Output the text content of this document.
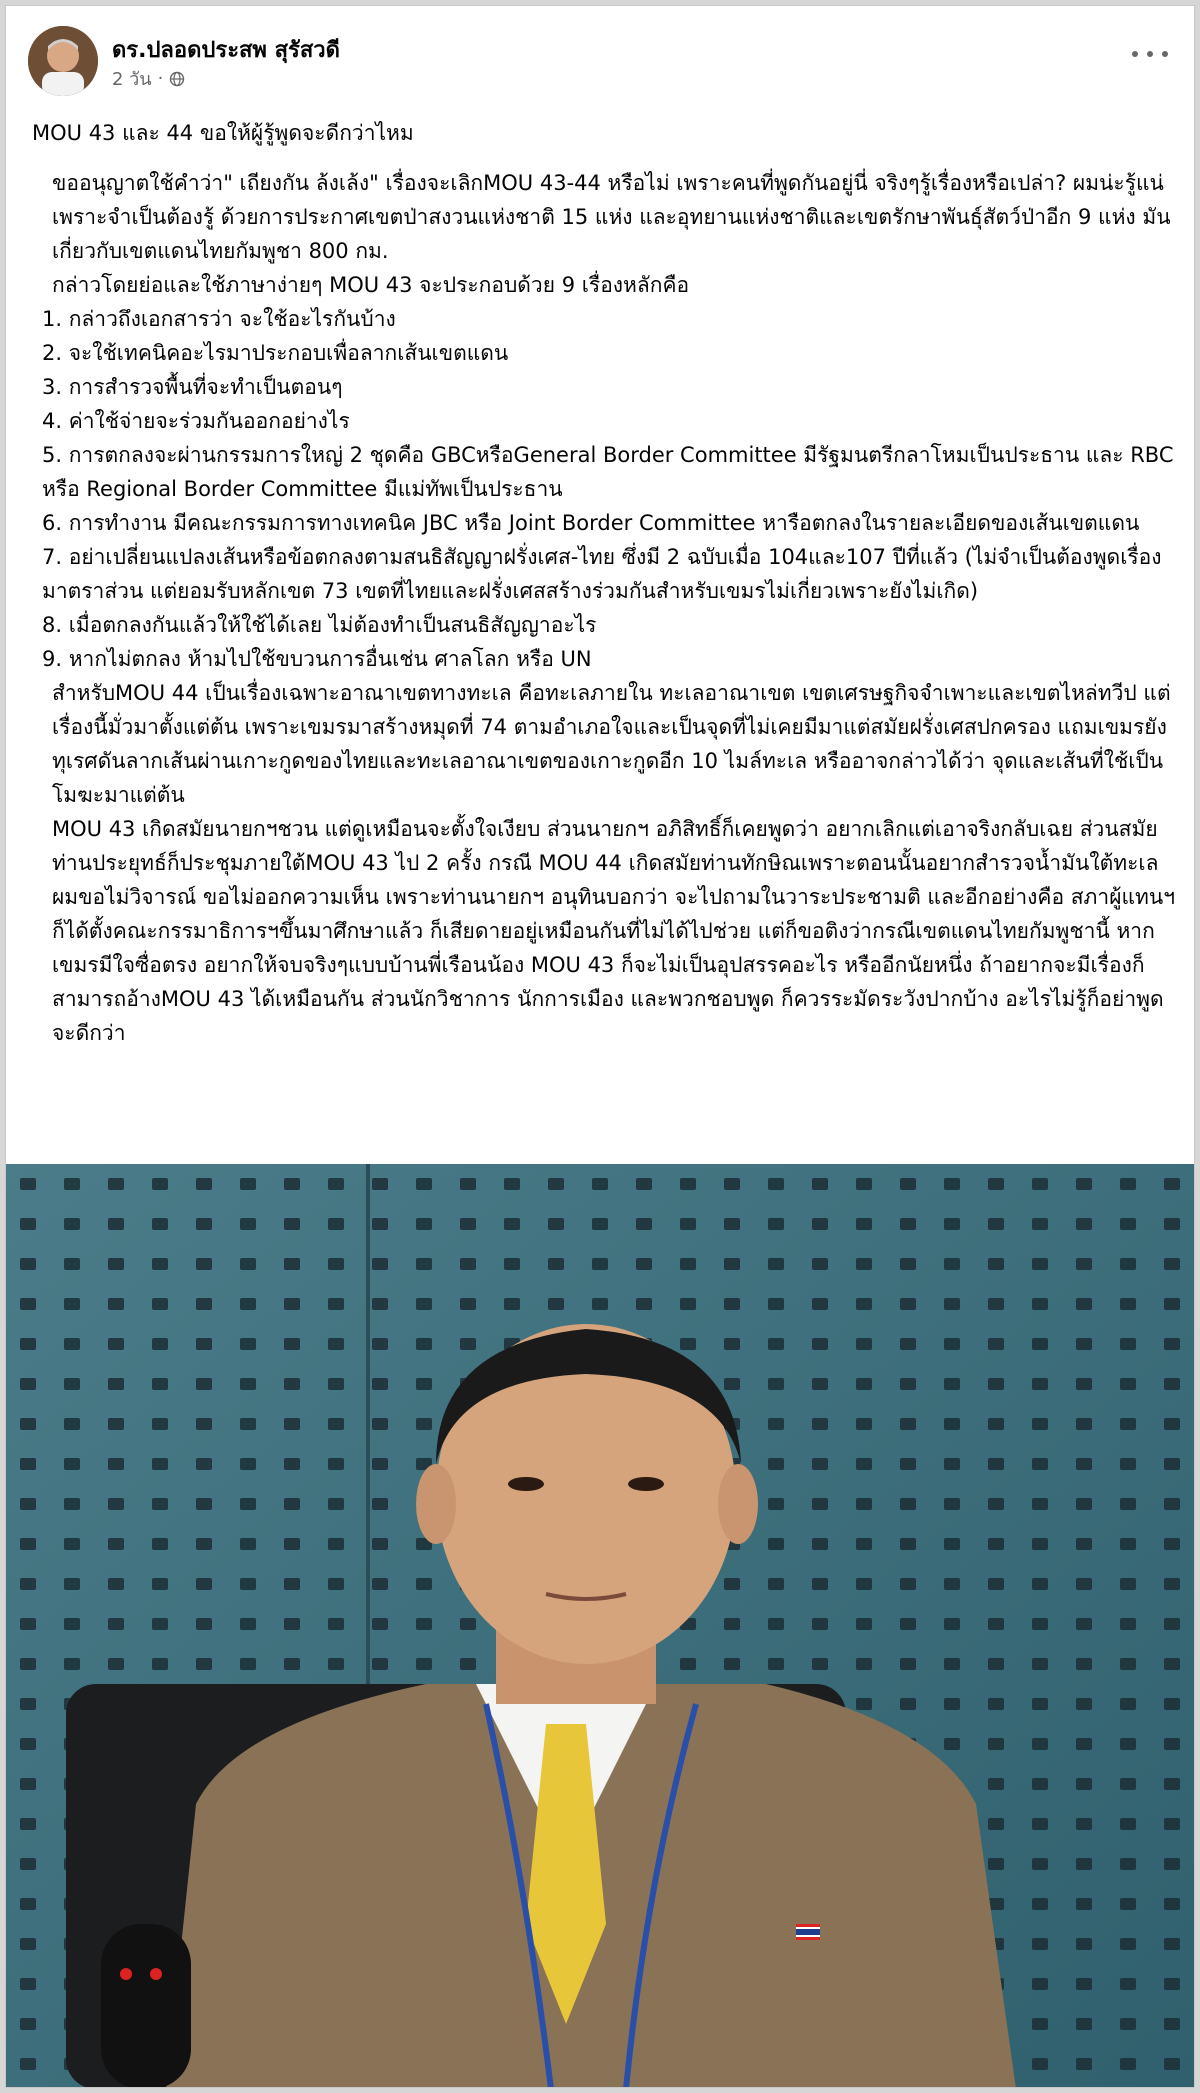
ดร.ปลอดประสพ สุรัสวดี
2 วัน ·

MOU 43 และ 44 ขอให้ผู้รู้พูดจะดีกว่าไหม

ขออนุญาตใช้คำว่า" เถียงกัน ล้งเล้ง" เรื่องจะเลิกMOU 43-44 หรือไม่ เพราะคนที่พูดกันอยู่นี่ จริงๆรู้เรื่องหรือเปล่า? ผมน่ะรู้แน่ เพราะจำเป็นต้องรู้ ด้วยการประกาศเขตป่าสงวนแห่งชาติ 15 แห่ง และอุทยานแห่งชาติและเขตรักษาพันธุ์สัตว์ป่าอีก 9 แห่ง มันเกี่ยวกับเขตแดนไทยกัมพูชา 800 กม.

กล่าวโดยย่อและใช้ภาษาง่ายๆ MOU 43 จะประกอบด้วย 9 เรื่องหลักคือ

1. กล่าวถึงเอกสารว่า จะใช้อะไรกันบ้าง

2. จะใช้เทคนิคอะไรมาประกอบเพื่อลากเส้นเขตแดน

3. การสำรวจพื้นที่จะทำเป็นตอนๆ

4. ค่าใช้จ่ายจะร่วมกันออกอย่างไร

5. การตกลงจะผ่านกรรมการใหญ่ 2 ชุดคือ GBCหรือGeneral Border Committee มีรัฐมนตรีกลาโหมเป็นประธาน และ RBC หรือ Regional Border Committee มีแม่ทัพเป็นประธาน

6. การทำงาน มีคณะกรรมการทางเทคนิค JBC หรือ Joint Border Committee หารือตกลงในรายละเอียดของเส้นเขตแดน

7. อย่าเปลี่ยนแปลงเส้นหรือข้อตกลงตามสนธิสัญญาฝรั่งเศส-ไทย ซึ่งมี 2 ฉบับเมื่อ 104และ107 ปีที่แล้ว (ไม่จำเป็นต้องพูดเรื่องมาตราส่วน แต่ยอมรับหลักเขต 73 เขตที่ไทยและฝรั่งเศสสร้างร่วมกันสำหรับเขมรไม่เกี่ยวเพราะยังไม่เกิด)

8. เมื่อตกลงกันแล้วให้ใช้ได้เลย ไม่ต้องทำเป็นสนธิสัญญาอะไร

9. หากไม่ตกลง ห้ามไปใช้ขบวนการอื่นเช่น ศาลโลก หรือ UN

สำหรับMOU 44 เป็นเรื่องเฉพาะอาณาเขตทางทะเล คือทะเลภายใน ทะเลอาณาเขต เขตเศรษฐกิจจำเพาะและเขตไหล่ทวีป แต่เรื่องนี้มั่วมาตั้งแต่ต้น เพราะเขมรมาสร้างหมุดที่ 74 ตามอำเภอใจและเป็นจุดที่ไม่เคยมีมาแต่สมัยฝรั่งเศสปกครอง แถมเขมรยังทุเรศดันลากเส้นผ่านเกาะกูดของไทยและทะเลอาณาเขตของเกาะกูดอีก 10 ไมล์ทะเล หรืออาจกล่าวได้ว่า จุดและเส้นที่ใช้เป็นโมฆะมาแต่ต้น

MOU 43 เกิดสมัยนายกฯชวน แต่ดูเหมือนจะตั้งใจเงียบ ส่วนนายกฯ อภิสิทธิ์ก็เคยพูดว่า อยากเลิกแต่เอาจริงกลับเฉย ส่วนสมัยท่านประยุทธ์ก็ประชุมภายใต้MOU 43 ไป 2 ครั้ง กรณี MOU 44 เกิดสมัยท่านทักษิณเพราะตอนนั้นอยากสำรวจน้ำมันใต้ทะเล

ผมขอไม่วิจารณ์ ขอไม่ออกความเห็น เพราะท่านนายกฯ อนุทินบอกว่า จะไปถามในวาระประชามติ และอีกอย่างคือ สภาผู้แทนฯก็ได้ตั้งคณะกรรมาธิการฯขึ้นมาศึกษาแล้ว ก็เสียดายอยู่เหมือนกันที่ไม่ได้ไปช่วย แต่ก็ขอติงว่ากรณีเขตแดนไทยกัมพูชานี้ หากเขมรมีใจซื่อตรง อยากให้จบจริงๆแบบบ้านพี่เรือนน้อง MOU 43 ก็จะไม่เป็นอุปสรรคอะไร หรืออีกนัยหนึ่ง ถ้าอยากจะมีเรื่องก็สามารถอ้างMOU 43 ได้เหมือนกัน ส่วนนักวิชาการ นักการเมือง และพวกชอบพูด ก็ควรระมัดระวังปากบ้าง อะไรไม่รู้ก็อย่าพูดจะดีกว่า
